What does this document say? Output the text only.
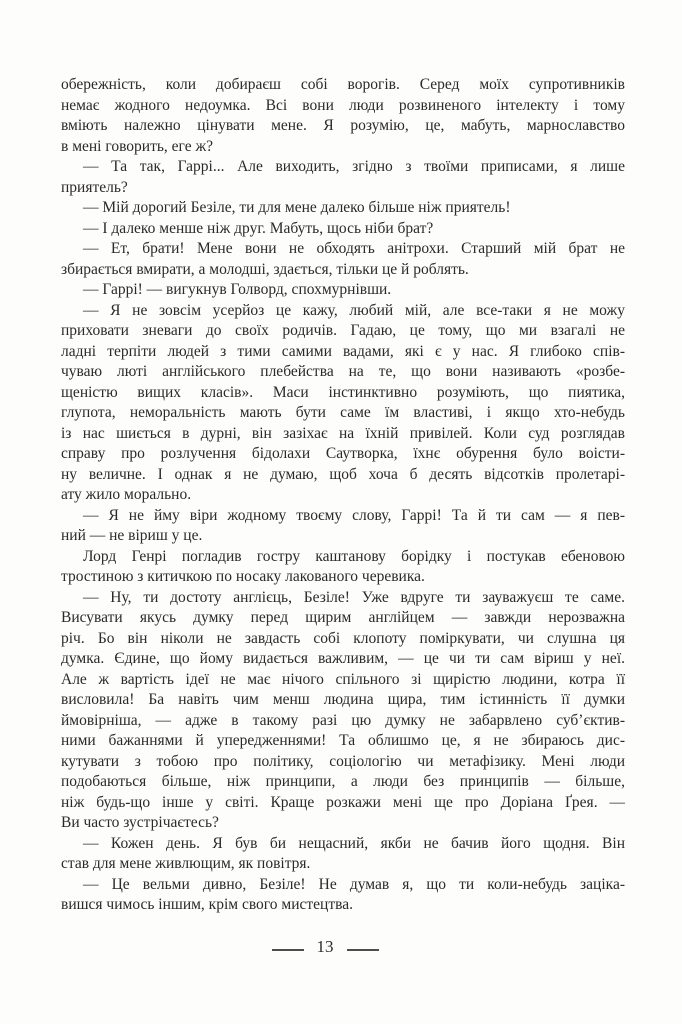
обережність, коли добираєш собі ворогів. Серед моїх супротивників
немає жодного недоумка. Всі вони люди розвиненого інтелекту і тому
вміють належно цінувати мене. Я розумію, це, мабуть, марнославство
в мені говорить, еге ж?
— Та так, Гаррі... Але виходить, згідно з твоїми приписами, я лише
приятель?
— Мій дорогий Безіле, ти для мене далеко більше ніж приятель!
— І далеко менше ніж друг. Мабуть, щось ніби брат?
— Ет, брати! Мене вони не обходять анітрохи. Старший мій брат не
збирається вмирати, а молодші, здається, тільки це й роблять.
— Гаррі! — вигукнув Голворд, спохмурнівши.
— Я не зовсім усерйоз це кажу, любий мій, але все-таки я не можу
приховати зневаги до своїх родичів. Гадаю, це тому, що ми взагалі не
ладні терпіти людей з тими самими вадами, які є у нас. Я глибоко спів-
чуваю люті англійського плебейства на те, що вони називають «розбе-
щеністю вищих класів». Маси інстинктивно розуміють, що пиятика,
глупота, неморальність мають бути саме їм властиві, і якщо хто-небудь
із нас шиється в дурні, він зазіхає на їхній привілей. Коли суд розглядав
справу про розлучення бідолахи Саутворка, їхнє обурення було воісти-
ну величне. І однак я не думаю, щоб хоча б десять відсотків пролетарі-
ату жило морально.
— Я не йму віри жодному твоєму слову, Гаррі! Та й ти сам — я пев-
ний — не віриш у це.
Лорд Генрі погладив гостру каштанову борідку і постукав ебеновою
тростиною з китичкою по носаку лакованого черевика.
— Ну, ти достоту англієць, Безіле! Уже вдруге ти зауважуєш те саме.
Висувати якусь думку перед щирим англійцем — завжди нерозважна
річ. Бо він ніколи не завдасть собі клопоту поміркувати, чи слушна ця
думка. Єдине, що йому видається важливим, — це чи ти сам віриш у неї.
Але ж вартість ідеї не має нічого спільного зі щирістю людини, котра її
висловила! Ба навіть чим менш людина щира, тим істинність її думки
ймовірніша, — адже в такому разі цю думку не забарвлено суб’єктив-
ними бажаннями й упередженнями! Та облишмо це, я не збираюсь дис-
кутувати з тобою про політику, соціологію чи метафізику. Мені люди
подобаються більше, ніж принципи, а люди без принципів — більше,
ніж будь-що інше у світі. Краще розкажи мені ще про Доріана Ґрея. —
Ви часто зустрічаєтесь?
— Кожен день. Я був би нещасний, якби не бачив його щодня. Він
став для мене живлющим, як повітря.
— Це вельми дивно, Безіле! Не думав я, що ти коли-небудь заціка-
вишся чимось іншим, крім свого мистецтва.
13
